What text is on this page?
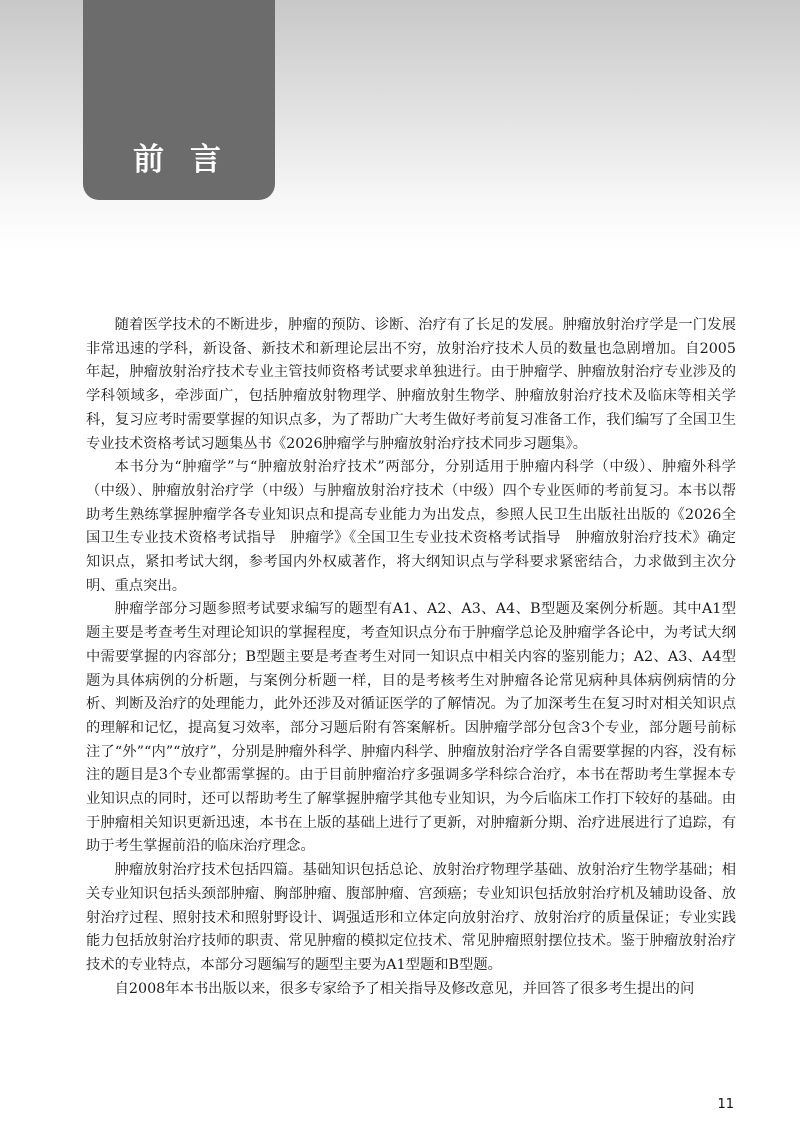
前言

随着医学技术的不断进步，肿瘤的预防、诊断、治疗有了长足的发展。肿瘤放射治疗学是一门发展非常迅速的学科，新设备、新技术和新理论层出不穷，放射治疗技术人员的数量也急剧增加。自2005年起，肿瘤放射治疗技术专业主管技师资格考试要求单独进行。由于肿瘤学、肿瘤放射治疗专业涉及的学科领域多，牵涉面广，包括肿瘤放射物理学、肿瘤放射生物学、肿瘤放射治疗技术及临床等相关学科，复习应考时需要掌握的知识点多，为了帮助广大考生做好考前复习准备工作，我们编写了全国卫生专业技术资格考试习题集丛书《2026肿瘤学与肿瘤放射治疗技术同步习题集》。

本书分为“肿瘤学”与“肿瘤放射治疗技术”两部分，分别适用于肿瘤内科学（中级）、肿瘤外科学（中级）、肿瘤放射治疗学（中级）与肿瘤放射治疗技术（中级）四个专业医师的考前复习。本书以帮助考生熟练掌握肿瘤学各专业知识点和提高专业能力为出发点，参照人民卫生出版社出版的《2026全国卫生专业技术资格考试指导　肿瘤学》《全国卫生专业技术资格考试指导　肿瘤放射治疗技术》确定知识点，紧扣考试大纲，参考国内外权威著作，将大纲知识点与学科要求紧密结合，力求做到主次分明、重点突出。

肿瘤学部分习题参照考试要求编写的题型有A1、A2、A3、A4、B型题及案例分析题。其中A1型题主要是考查考生对理论知识的掌握程度，考查知识点分布于肿瘤学总论及肿瘤学各论中，为考试大纲中需要掌握的内容部分；B型题主要是考查考生对同一知识点中相关内容的鉴别能力；A2、A3、A4型题为具体病例的分析题，与案例分析题一样，目的是考核考生对肿瘤各论常见病种具体病例病情的分析、判断及治疗的处理能力，此外还涉及对循证医学的了解情况。为了加深考生在复习时对相关知识点的理解和记忆，提高复习效率，部分习题后附有答案解析。因肿瘤学部分包含3个专业，部分题号前标注了“外”“内”“放疗”，分别是肿瘤外科学、肿瘤内科学、肿瘤放射治疗学各自需要掌握的内容，没有标注的题目是3个专业都需掌握的。由于目前肿瘤治疗多强调多学科综合治疗，本书在帮助考生掌握本专业知识点的同时，还可以帮助考生了解掌握肿瘤学其他专业知识，为今后临床工作打下较好的基础。由于肿瘤相关知识更新迅速，本书在上版的基础上进行了更新，对肿瘤新分期、治疗进展进行了追踪，有助于考生掌握前沿的临床治疗理念。

肿瘤放射治疗技术包括四篇。基础知识包括总论、放射治疗物理学基础、放射治疗生物学基础；相关专业知识包括头颈部肿瘤、胸部肿瘤、腹部肿瘤、宫颈癌；专业知识包括放射治疗机及辅助设备、放射治疗过程、照射技术和照射野设计、调强适形和立体定向放射治疗、放射治疗的质量保证；专业实践能力包括放射治疗技师的职责、常见肿瘤的模拟定位技术、常见肿瘤照射摆位技术。鉴于肿瘤放射治疗技术的专业特点，本部分习题编写的题型主要为A1型题和B型题。

自2008年本书出版以来，很多专家给予了相关指导及修改意见，并回答了很多考生提出的问

11
